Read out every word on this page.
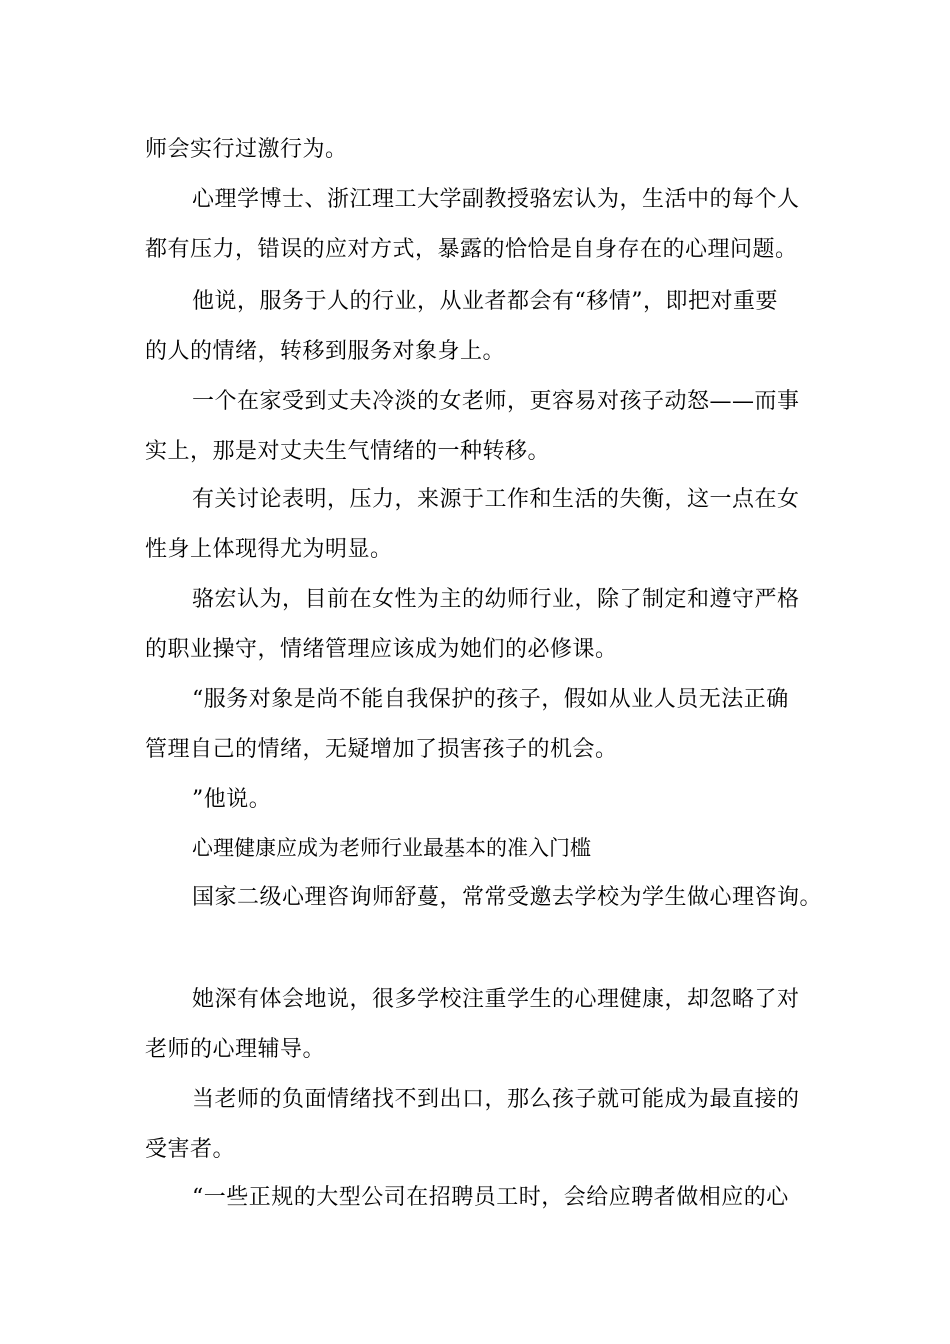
师会实行过激行为。
心理学博士、浙江理工大学副教授骆宏认为，生活中的每个人
都有压力，错误的应对方式，暴露的恰恰是自身存在的心理问题。
他说，服务于人的行业，从业者都会有“移情”，即把对重要
的人的情绪，转移到服务对象身上。
一个在家受到丈夫冷淡的女老师，更容易对孩子动怒——而事
实上，那是对丈夫生气情绪的一种转移。
有关讨论表明，压力，来源于工作和生活的失衡，这一点在女
性身上体现得尤为明显。
骆宏认为，目前在女性为主的幼师行业，除了制定和遵守严格
的职业操守，情绪管理应该成为她们的必修课。
“服务对象是尚不能自我保护的孩子，假如从业人员无法正确
管理自己的情绪，无疑增加了损害孩子的机会。
”他说。
心理健康应成为老师行业最基本的准入门槛
国家二级心理咨询师舒蔓，常常受邀去学校为学生做心理咨询。
她深有体会地说，很多学校注重学生的心理健康，却忽略了对
老师的心理辅导。
当老师的负面情绪找不到出口，那么孩子就可能成为最直接的
受害者。
“一些正规的大型公司在招聘员工时，会给应聘者做相应的心
